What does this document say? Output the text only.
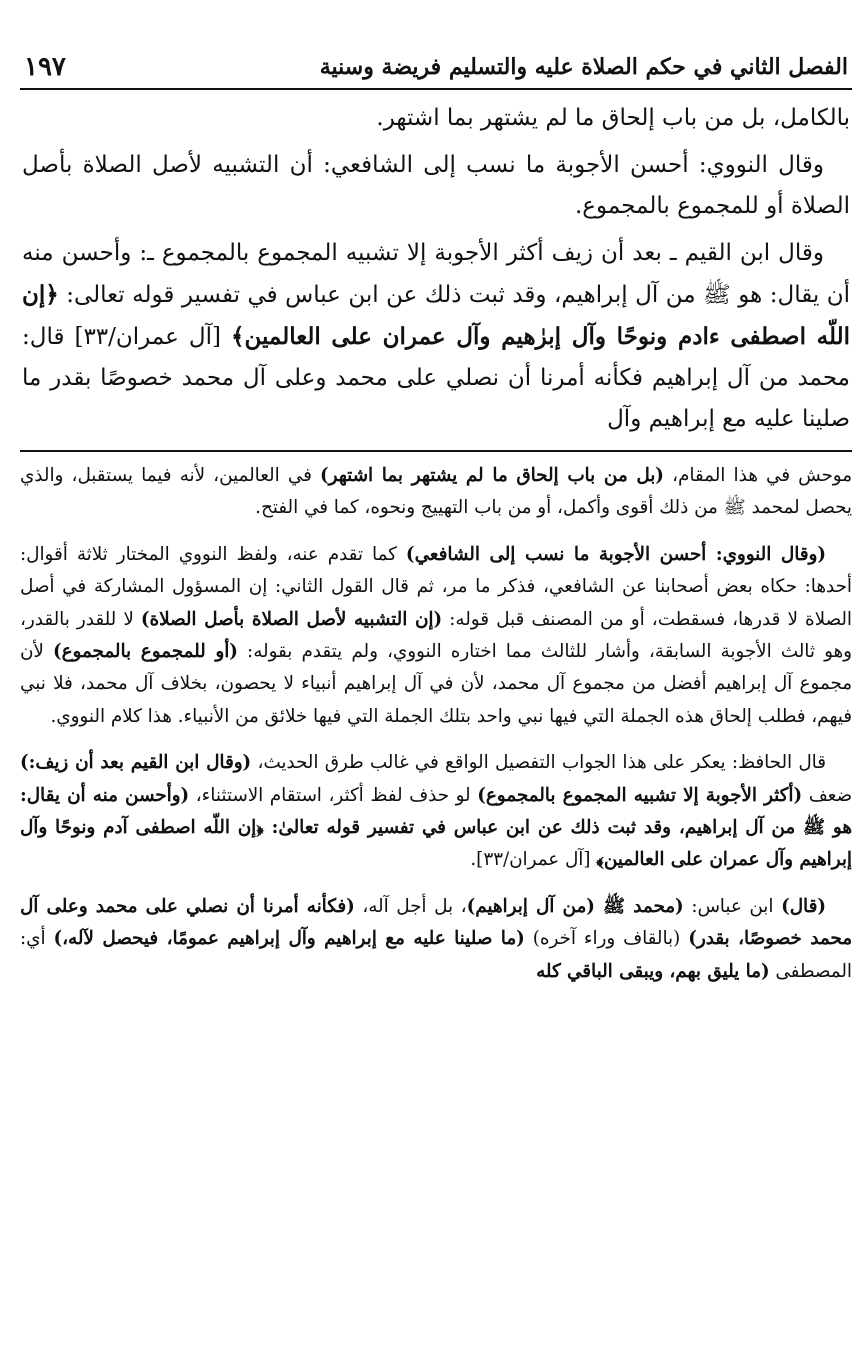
الفصل الثاني في حكم الصلاة عليه والتسليم فريضة وسنية
١٩٧

بالكامل، بل من باب إلحاق ما لم يشتهر بما اشتهر.

وقال النووي: أحسن الأجوبة ما نسب إلى الشافعي: أن التشبيه لأصل الصلاة بأصل الصلاة أو للمجموع بالمجموع.

وقال ابن القيم ـ بعد أن زيف أكثر الأجوبة إلا تشبيه المجموع بالمجموع ـ: وأحسن منه أن يقال: هو ﷺ من آل إبراهيم، وقد ثبت ذلك عن ابن عباس في تفسير قوله تعالى: ﴿إن اللّه اصطفى ءادم ونوحًا وآل إبرٰهيم وآل عمران على العالمين﴾ [آل عمران/٣٣] قال: محمد من آل إبراهيم فكأنه أمرنا أن نصلي على محمد وعلى آل محمد خصوصًا بقدر ما صلينا عليه مع إبراهيم وآل

موحش في هذا المقام، (بل من باب إلحاق ما لم يشتهر بما اشتهر) في العالمين، لأنه فيما يستقبل، والذي يحصل لمحمد ﷺ من ذلك أقوى وأكمل، أو من باب التهييج ونحوه، كما في الفتح.

(وقال النووي: أحسن الأجوبة ما نسب إلى الشافعي) كما تقدم عنه، ولفظ النووي المختار ثلاثة أقوال: أحدها: حكاه بعض أصحابنا عن الشافعي، فذكر ما مر، ثم قال القول الثاني: إن المسؤول المشاركة في أصل الصلاة لا قدرها، فسقطت، أو من المصنف قبل قوله: (إن التشبيه لأصل الصلاة بأصل الصلاة) لا للقدر بالقدر، وهو ثالث الأجوبة السابقة، وأشار للثالث مما اختاره النووي، ولم يتقدم بقوله: (أو للمجموع بالمجموع) لأن مجموع آل إبراهيم أفضل من مجموع آل محمد، لأن في آل إبراهيم أنبياء لا يحصون، بخلاف آل محمد، فلا نبي فيهم، فطلب إلحاق هذه الجملة التي فيها نبي واحد بتلك الجملة التي فيها خلائق من الأنبياء. هذا كلام النووي.

قال الحافظ: يعكر على هذا الجواب التفصيل الواقع في غالب طرق الحديث، (وقال ابن القيم بعد أن زيف:) ضعف (أكثر الأجوبة إلا تشبيه المجموع بالمجموع) لو حذف لفظ أكثر، استقام الاستثناء، (وأحسن منه أن يقال: هو ﷺ من آل إبراهيم، وقد ثبت ذلك عن ابن عباس في تفسير قوله تعالىٰ: ﴿إن اللّه اصطفى آدم ونوحًا وآل إبراهيم وآل عمران على العالمين﴾ [آل عمران/٣٣].

(قال) ابن عباس: (محمد ﷺ (من آل إبراهيم)، بل أجل آله، (فكأنه أمرنا أن نصلي على محمد وعلى آل محمد خصوصًا، بقدر) (بالقاف وراء آخره) (ما صلينا عليه مع إبراهيم وآل إبراهيم عمومًا، فيحصل لآله،) أي: المصطفى (ما يليق بهم، ويبقى الباقي كله
